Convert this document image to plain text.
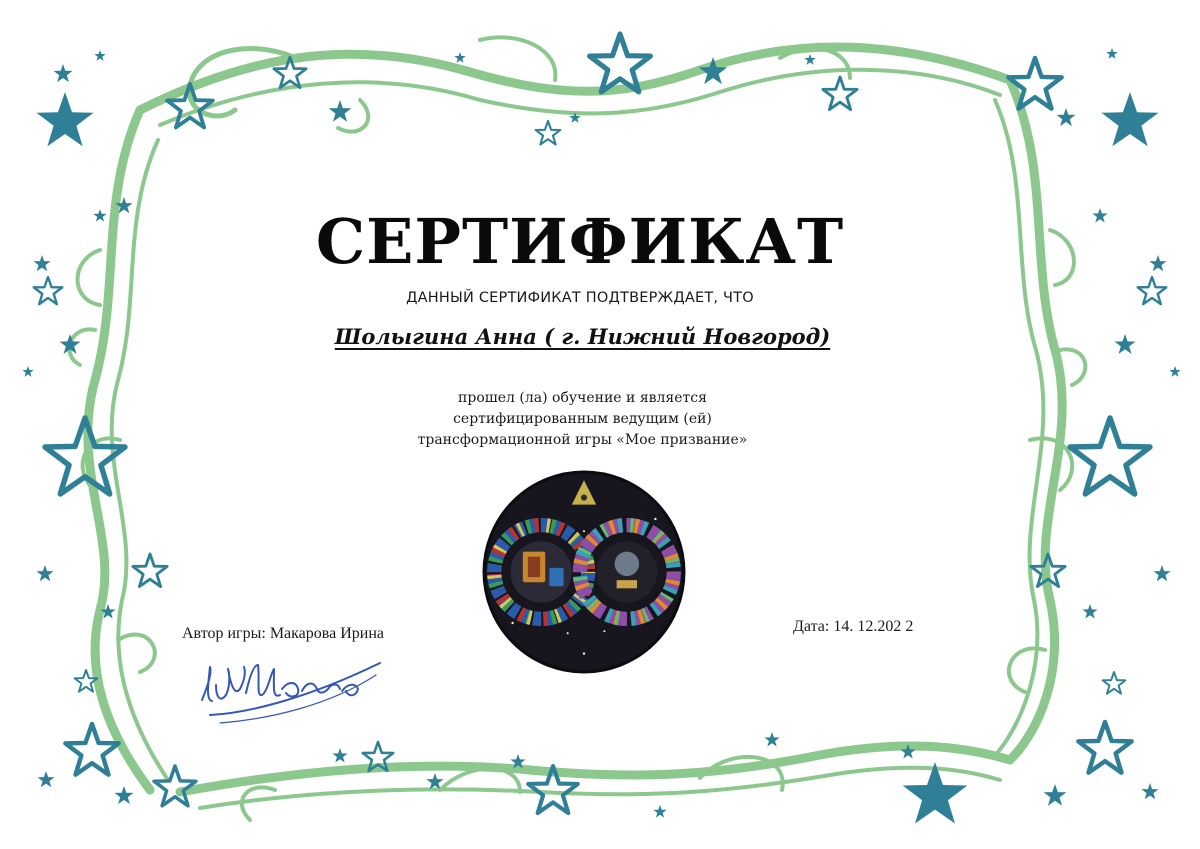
СЕРТИФИКАТ

ДАННЫЙ СЕРТИФИКАТ ПОДТВЕРЖДАЕТ, ЧТО

Шолыгина Анна ( г. Нижний Новгород)

прошел (ла) обучение и является
сертифицированным ведущим (ей)
трансформационной игры «Мое призвание»

Автор игры: Макарова Ирина	Дата: 14. 12.202 2
